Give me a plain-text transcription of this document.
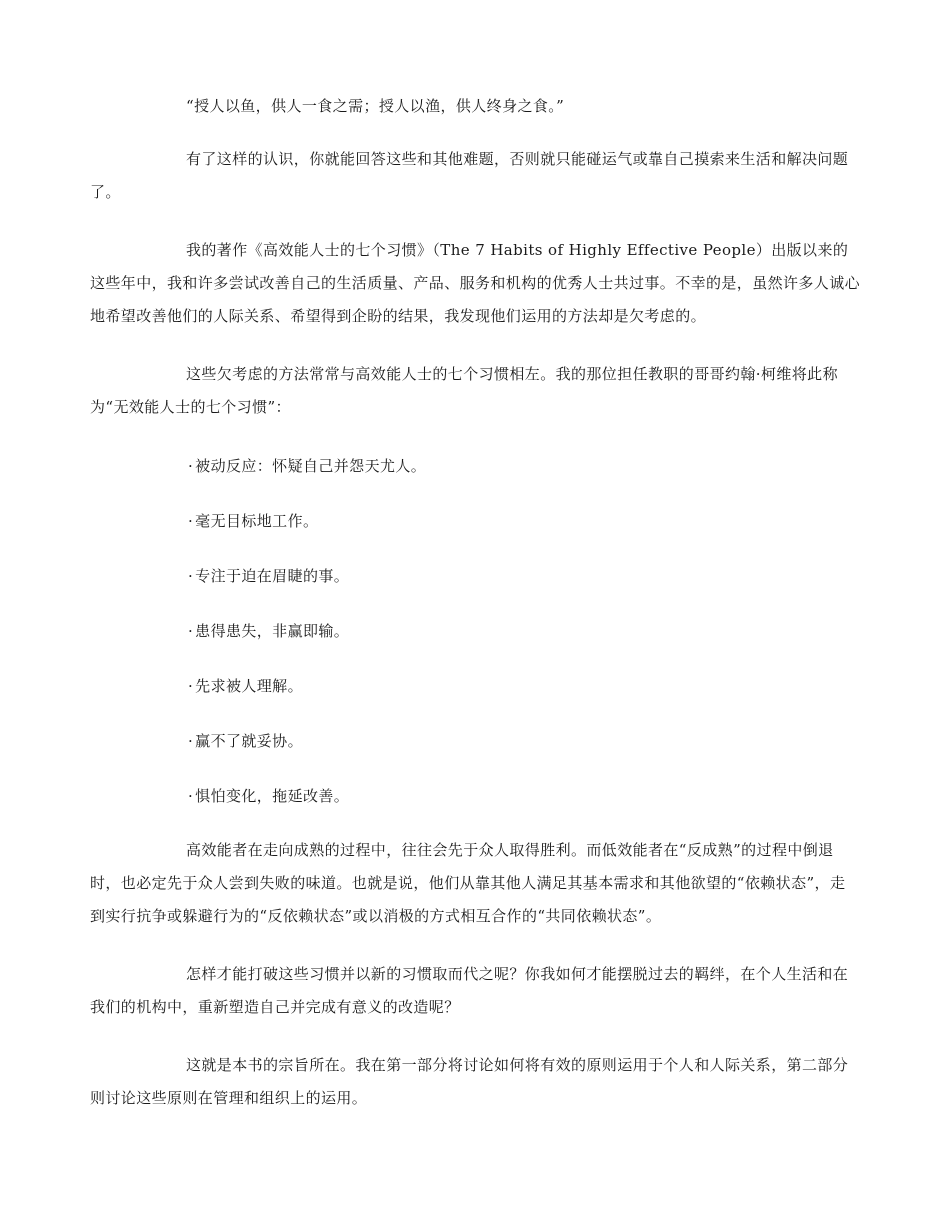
“授人以鱼，供人一食之需；授人以渔，供人终身之食。”

有了这样的认识，你就能回答这些和其他难题，否则就只能碰运气或靠自己摸索来生活和解决问题了。

我的著作《高效能人士的七个习惯》（The 7 Habits of Highly Effective People）出版以来的这些年中，我和许多尝试改善自己的生活质量、产品、服务和机构的优秀人士共过事。不幸的是，虽然许多人诚心地希望改善他们的人际关系、希望得到企盼的结果，我发现他们运用的方法却是欠考虑的。

这些欠考虑的方法常常与高效能人士的七个习惯相左。我的那位担任教职的哥哥约翰·柯维将此称为“无效能人士的七个习惯”：

· 被动反应：怀疑自己并怨天尤人。
· 毫无目标地工作。
· 专注于迫在眉睫的事。
· 患得患失，非赢即输。
· 先求被人理解。
· 赢不了就妥协。
· 惧怕变化，拖延改善。

高效能者在走向成熟的过程中，往往会先于众人取得胜利。而低效能者在“反成熟”的过程中倒退时，也必定先于众人尝到失败的味道。也就是说，他们从靠其他人满足其基本需求和其他欲望的“依赖状态”，走到实行抗争或躲避行为的“反依赖状态”或以消极的方式相互合作的“共同依赖状态”。

怎样才能打破这些习惯并以新的习惯取而代之呢？你我如何才能摆脱过去的羁绊，在个人生活和在我们的机构中，重新塑造自己并完成有意义的改造呢？

这就是本书的宗旨所在。我在第一部分将讨论如何将有效的原则运用于个人和人际关系，第二部分则讨论这些原则在管理和组织上的运用。
